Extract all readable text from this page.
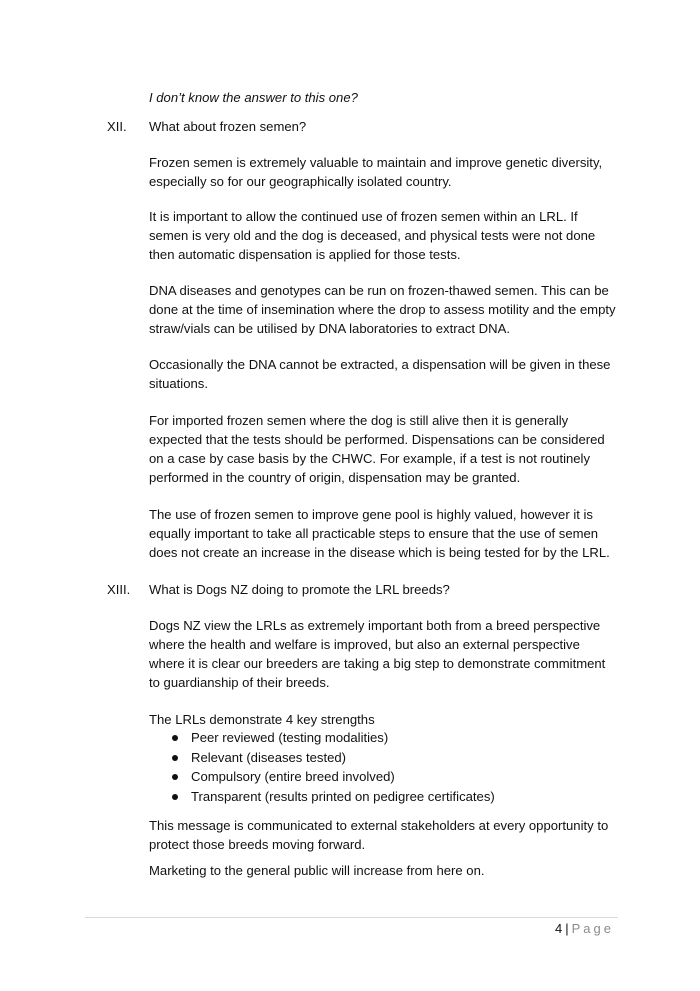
I don’t know the answer to this one?

XII. What about frozen semen?

Frozen semen is extremely valuable to maintain and improve genetic diversity, especially so for our geographically isolated country.

It is important to allow the continued use of frozen semen within an LRL. If semen is very old and the dog is deceased, and physical tests were not done then automatic dispensation is applied for those tests.

DNA diseases and genotypes can be run on frozen-thawed semen. This can be done at the time of insemination where the drop to assess motility and the empty straw/vials can be utilised by DNA laboratories to extract DNA.

Occasionally the DNA cannot be extracted, a dispensation will be given in these situations.

For imported frozen semen where the dog is still alive then it is generally expected that the tests should be performed. Dispensations can be considered on a case by case basis by the CHWC. For example, if a test is not routinely performed in the country of origin, dispensation may be granted.

The use of frozen semen to improve gene pool is highly valued, however it is equally important to take all practicable steps to ensure that the use of semen does not create an increase in the disease which is being tested for by the LRL.

XIII. What is Dogs NZ doing to promote the LRL breeds?

Dogs NZ view the LRLs as extremely important both from a breed perspective where the health and welfare is improved, but also an external perspective where it is clear our breeders are taking a big step to demonstrate commitment to guardianship of their breeds.

The LRLs demonstrate 4 key strengths

Peer reviewed (testing modalities)
Relevant (diseases tested)
Compulsory (entire breed involved)
Transparent (results printed on pedigree certificates)

This message is communicated to external stakeholders at every opportunity to protect those breeds moving forward.

Marketing to the general public will increase from here on.

4 | Page
